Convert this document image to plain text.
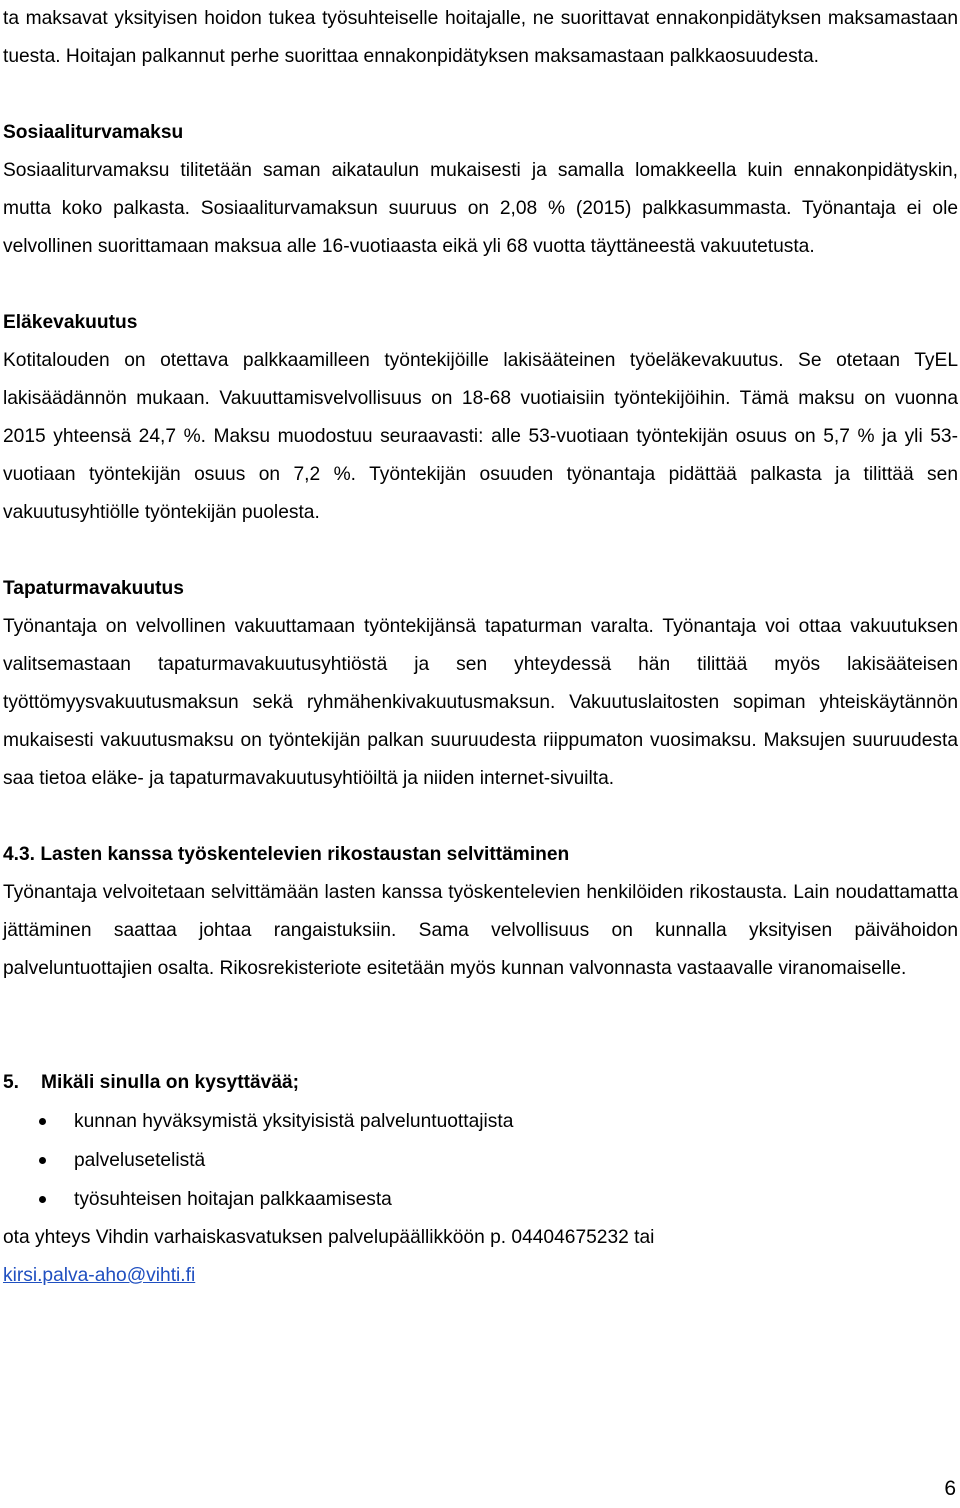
ta maksavat yksityisen hoidon tukea työsuhteiselle hoitajalle, ne suorittavat ennakonpidätyksen maksamastaan tuesta. Hoitajan palkannut perhe suorittaa ennakonpidätyksen maksamastaan palkkaosuudesta.

Sosiaaliturvamaksu

Sosiaaliturvamaksu tilitetään saman aikataulun mukaisesti ja samalla lomakkeella kuin ennakonpidätyskin, mutta koko palkasta. Sosiaaliturvamaksun suuruus on 2,08 % (2015) palkkasummasta. Työnantaja ei ole velvollinen suorittamaan maksua alle 16-vuotiaasta eikä yli 68 vuotta täyttäneestä vakuutetusta.

Eläkevakuutus

Kotitalouden on otettava palkkaamilleen työntekijöille lakisääteinen työeläkevakuutus. Se otetaan TyEL lakisäädännön mukaan. Vakuuttamisvelvollisuus on 18-68 vuotiaisiin työntekijöihin. Tämä maksu on vuonna 2015 yhteensä 24,7 %. Maksu muodostuu seuraavasti: alle 53-vuotiaan työntekijän osuus on 5,7 % ja yli 53-vuotiaan työntekijän osuus on 7,2 %. Työntekijän osuuden työnantaja pidättää palkasta ja tilittää sen vakuutusyhtiölle työntekijän puolesta.

Tapaturmavakuutus

Työnantaja on velvollinen vakuuttamaan työntekijänsä tapaturman varalta. Työnantaja voi ottaa vakuutuksen valitsemastaan tapaturmavakuutusyhtiöstä ja sen yhteydessä hän tilittää myös lakisääteisen työttömyysvakuutusmaksun sekä ryhmähenkivakuutusmaksun. Vakuutuslaitosten sopiman yhteiskäytännön mukaisesti vakuutusmaksu on työntekijän palkan suuruudesta riippumaton vuosimaksu. Maksujen suuruudesta saa tietoa eläke- ja tapaturmavakuutusyhtiöiltä ja niiden internet-sivuilta.

4.3. Lasten kanssa työskentelevien rikostaustan selvittäminen

Työnantaja velvoitetaan selvittämään lasten kanssa työskentelevien henkilöiden rikostausta. Lain noudattamatta jättäminen saattaa johtaa rangaistuksiin. Sama velvollisuus on kunnalla yksityisen päivähoidon palveluntuottajien osalta. Rikosrekisteriote esitetään myös kunnan valvonnasta vastaavalle viranomaiselle.

5.	Mikäli sinulla on kysyttävää;
kunnan hyväksymistä yksityisistä palveluntuottajista
palvelusetelistä
työsuhteisen hoitajan palkkaamisesta
ota yhteys Vihdin varhaiskasvatuksen palvelupäällikköön p. 04404675232 tai
kirsi.palva-aho@vihti.fi
6
